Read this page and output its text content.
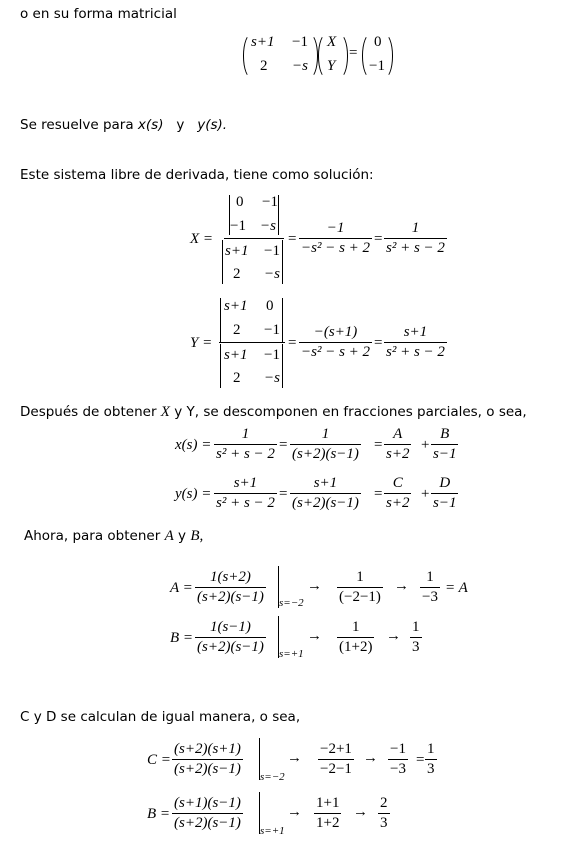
o en su forma matricial
s+1 −1
2 −s
X
Y
=
0
−1
Se resuelve para x(s) y y(s).
Este sistema libre de derivada, tiene como solución:
X =
0 −1
−1 −s
s+1 −1
2 −s
=
−1
−s² − s + 2
=
1
s² + s − 2
Y =
s+1 0
2 −1
s+1 −1
2 −s
=
−(s+1)
−s² − s + 2
=
s+1
s² + s − 2
Después de obtener X y Y, se descomponen en fracciones parciales, o sea,
x(s) =
1
s² + s − 2
=
1
(s+2)(s−1)
=
A
s+2
+
B
s−1
y(s) =
s+1
s² + s − 2
=
s+1
(s+2)(s−1)
=
C
s+2
+
D
s−1
Ahora, para obtener A y B,
A =
1(s+2)
(s+2)(s−1) s=−2
→
1
(−2−1)
→
1
−3
= A
B =
1(s−1)
(s+2)(s−1) s=+1
→
1
(1+2)
→
1
3
C y D se calculan de igual manera, o sea,
C =
(s+2)(s+1)
(s+2)(s−1) s=−2
→
−2+1
−2−1
→
−1
−3
=
1
3
B =
(s+1)(s−1)
(s+2)(s−1) s=+1
→
1+1
1+2
→
2
3
